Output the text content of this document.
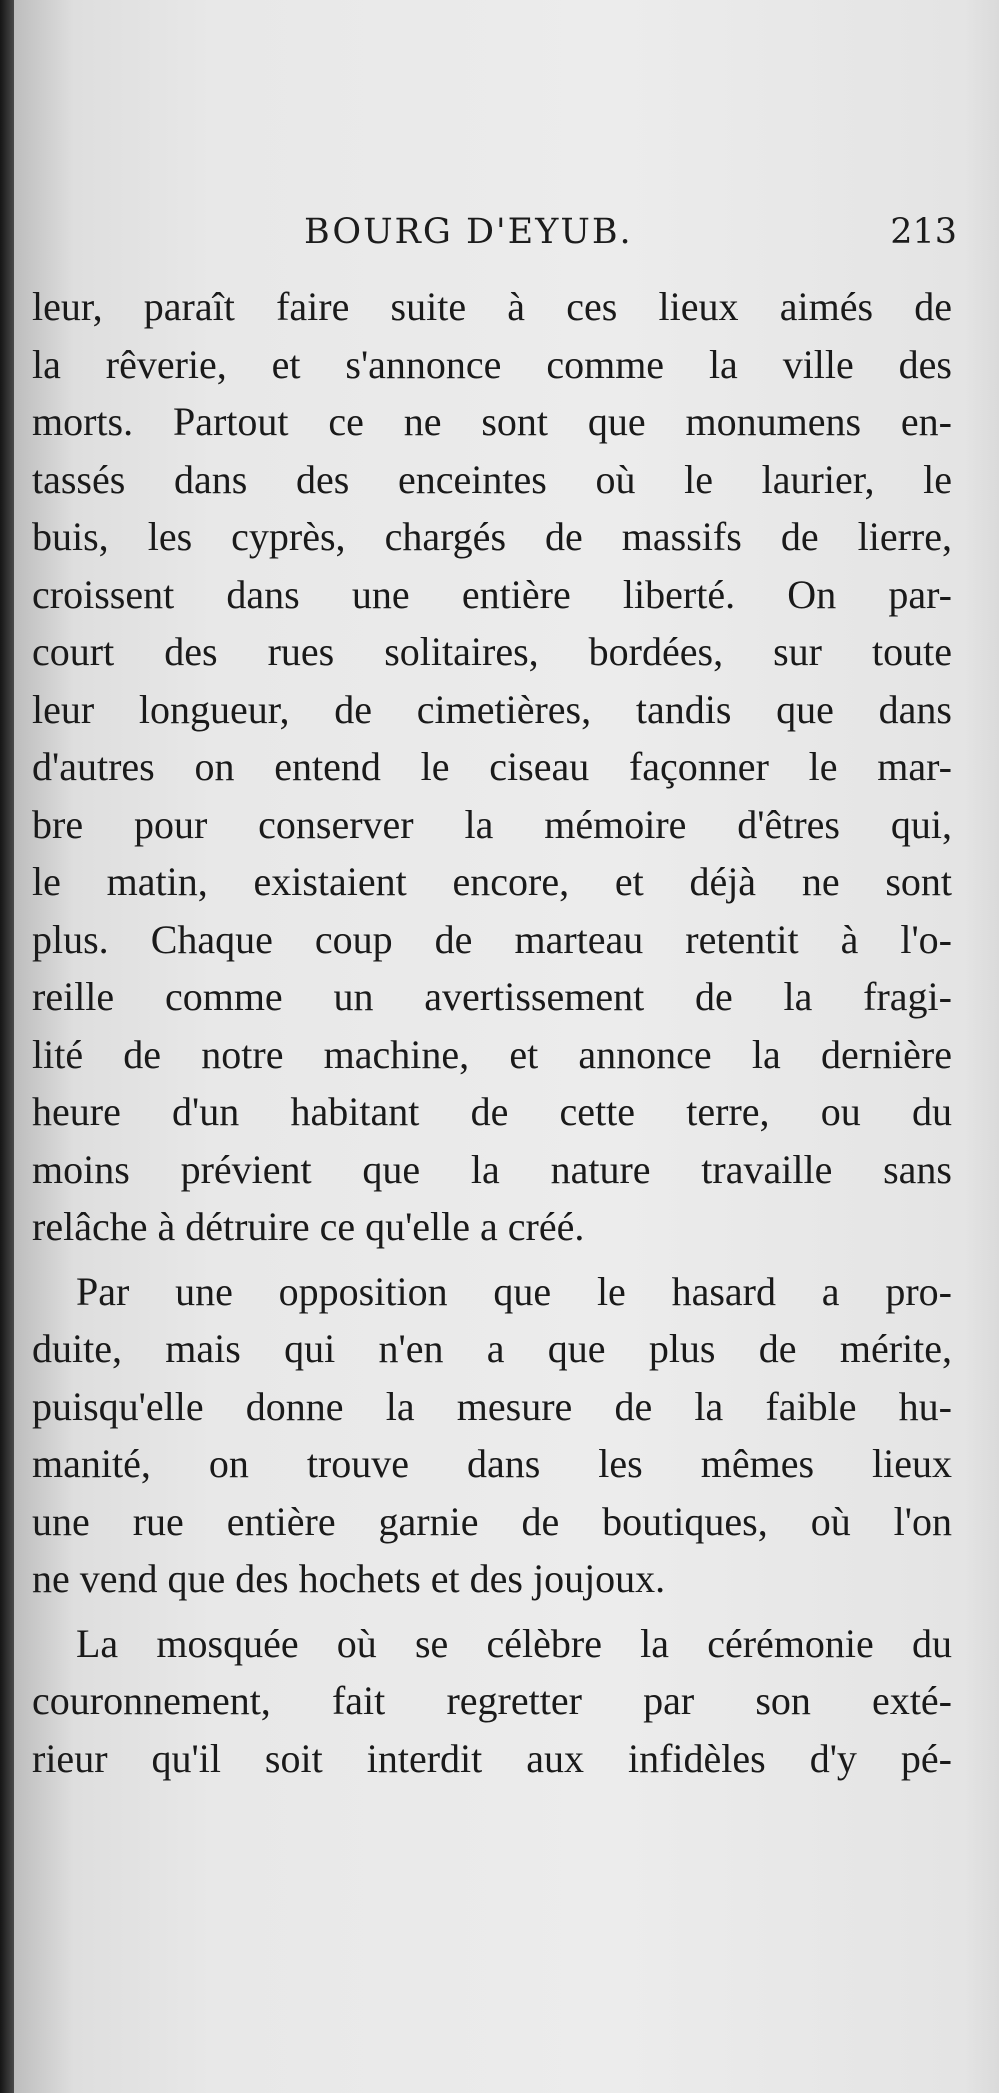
BOURG D'EYUB.	213
leur, paraît faire suite à ces lieux aimés de
la rêverie, et s'annonce comme la ville des
morts. Partout ce ne sont que monumens en-
tassés dans des enceintes où le laurier, le
buis, les cyprès, chargés de massifs de lierre,
croissent dans une entière liberté. On par-
court des rues solitaires, bordées, sur toute
leur longueur, de cimetières, tandis que dans
d'autres on entend le ciseau façonner le mar-
bre pour conserver la mémoire d'êtres qui,
le matin, existaient encore, et déjà ne sont
plus. Chaque coup de marteau retentit à l'o-
reille comme un avertissement de la fragi-
lité de notre machine, et annonce la dernière
heure d'un habitant de cette terre, ou du
moins prévient que la nature travaille sans
relâche à détruire ce qu'elle a créé.
Par une opposition que le hasard a pro-
duite, mais qui n'en a que plus de mérite,
puisqu'elle donne la mesure de la faible hu-
manité, on trouve dans les mêmes lieux
une rue entière garnie de boutiques, où l'on
ne vend que des hochets et des joujoux.
La mosquée où se célèbre la cérémonie du
couronnement, fait regretter par son exté-
rieur qu'il soit interdit aux infidèles d'y pé-
